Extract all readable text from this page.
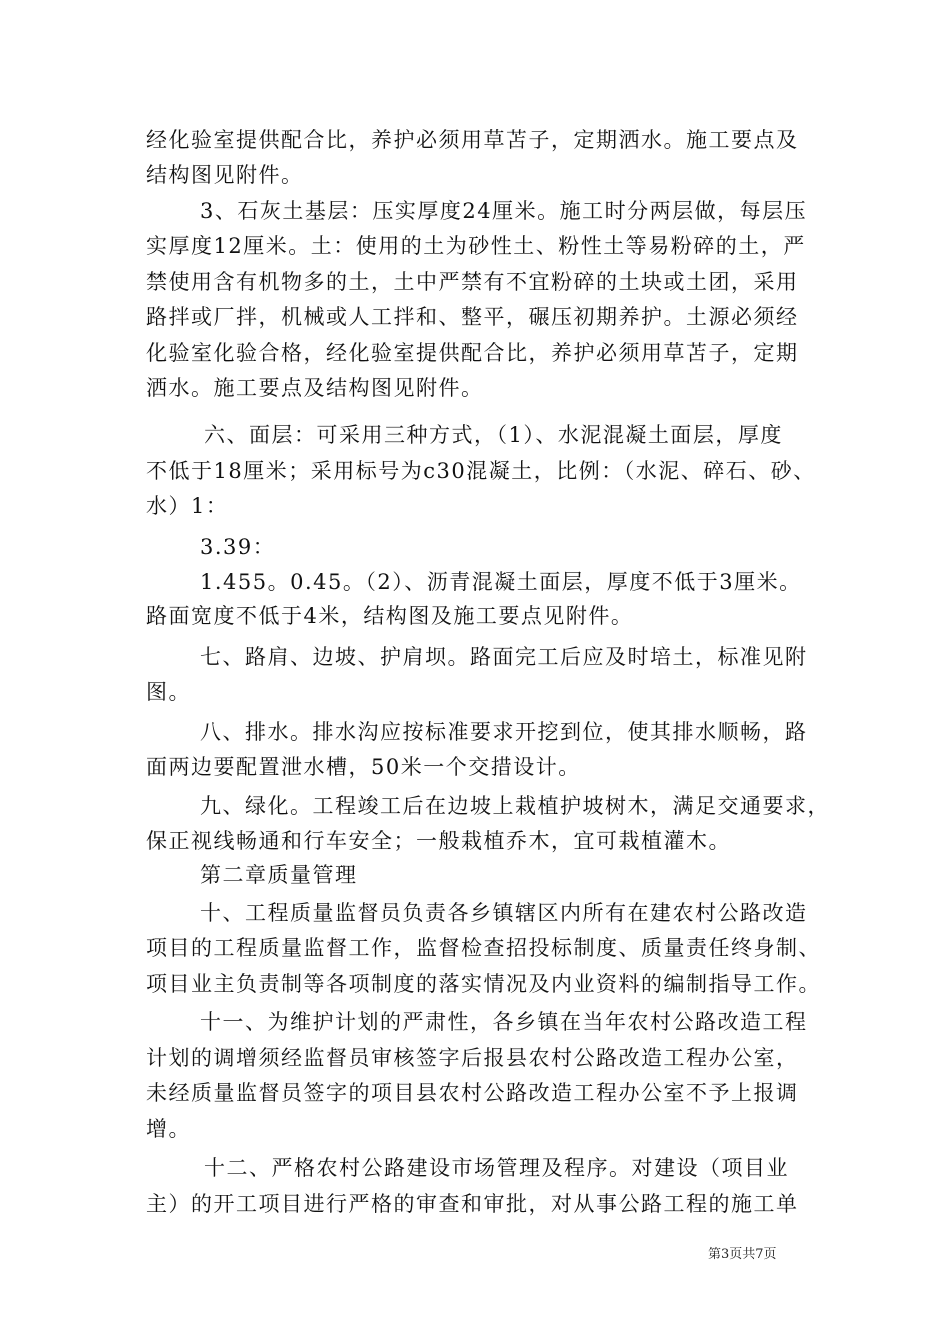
经化验室提供配合比，养护必须用草苫子，定期洒水。施工要点及
结构图见附件。
3、石灰土基层：压实厚度24厘米。施工时分两层做，每层压
实厚度12厘米。土：使用的土为砂性土、粉性土等易粉碎的土，严
禁使用含有机物多的土，土中严禁有不宜粉碎的土块或土团，采用
路拌或厂拌，机械或人工拌和、整平，碾压初期养护。土源必须经
化验室化验合格，经化验室提供配合比，养护必须用草苫子，定期
洒水。施工要点及结构图见附件。
六、面层：可采用三种方式，（1）、水泥混凝土面层，厚度
不低于18厘米；采用标号为c30混凝土，比例：（水泥、碎石、砂、
水）1：
3.39：
1.455。0.45。（2）、沥青混凝土面层，厚度不低于3厘米。
路面宽度不低于4米，结构图及施工要点见附件。
七、路肩、边坡、护肩坝。路面完工后应及时培土，标准见附
图。
八、排水。排水沟应按标准要求开挖到位，使其排水顺畅，路
面两边要配置泄水槽，50米一个交措设计。
九、绿化。工程竣工后在边坡上栽植护坡树木，满足交通要求，
保正视线畅通和行车安全；一般栽植乔木，宜可栽植灌木。
第二章质量管理
十、工程质量监督员负责各乡镇辖区内所有在建农村公路改造
项目的工程质量监督工作，监督检查招投标制度、质量责任终身制、
项目业主负责制等各项制度的落实情况及内业资料的编制指导工作。
十一、为维护计划的严肃性，各乡镇在当年农村公路改造工程
计划的调增须经监督员审核签字后报县农村公路改造工程办公室，
未经质量监督员签字的项目县农村公路改造工程办公室不予上报调
增。
十二、严格农村公路建设市场管理及程序。对建设（项目业
主）的开工项目进行严格的审查和审批，对从事公路工程的施工单
第3页共7页
